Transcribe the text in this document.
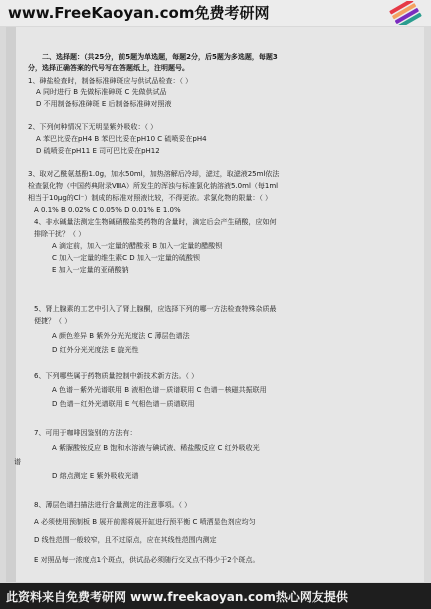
www.FreeKaoyan.com免费考研网
二、选择题：（共25分，前5题为单选题，每题2分，后5题为多选题，每题3
分，选择正确答案的代号写在答题纸上，注明题号。
1、砷盐检查时，制备标准砷斑应与供试品检查：（ ）
A 同时进行 B 先做标准砷斑 C 先做供试品
D 不用制备标准砷斑 E 后制备标准砷对照液
2、下列何种情况下无明显紫外吸收：（ ）
A 苯巴比妥在pH4 B 苯巴比妥在pH10 C 硫喷妥在pH4
D 硫喷妥在pH11 E 司可巴比妥在pH12
3、取对乙酰氨基酚1.0g，加水50ml，加热溶解后冷却，滤过，取滤液25ml依法
检查氯化物（中国药典附录ⅧA）所发生的浑浊与标准氯化钠溶液5.0ml（每1ml
相当于10μg的Cl⁻）制成的标准对照液比较，不得更浓。求氯化物的限量：（ ）
A 0.1% B 0.02% C 0.05% D 0.01% E 1.0%
4、非水碱量法测定生物碱硝酸盐类药物的含量时，滴定后会产生硝酸，应如何
排除干扰？（ ）
A 滴定前，加入一定量的醋酸汞 B 加入一定量的醋酸钡
C 加入一定量的维生素C D 加入一定量的硫酸钡
E 加入一定量的亚硝酸钠
5、肾上腺素的工艺中引入了肾上腺酮，应选择下列的哪一方法检查特殊杂质最
便捷？（ ）
A 颜色差异 B 紫外分光光度法 C 薄层色谱法
D 红外分光光度法 E 旋光性
6、下列哪些属于药物质量控制中新技术新方法。（ ）
A 色谱－紫外光谱联用 B 液相色谱－质谱联用 C 色谱－核磁共振联用
D 色谱－红外光谱联用 E 气相色谱－质谱联用
7、可用于咖啡因鉴别的方法有：
A 紫脲酸铵反应 B 饱和水溶液与碘试液、稀盐酸反应 C 红外吸收光
谱
D 熔点测定 E 紫外吸收光谱
8、薄层色谱扫描法进行含量测定的注意事项。（ ）
A 必须使用预制板 B 展开前需将展开缸进行预平衡 C 喷洒显色剂应均匀
D 线性范围一般较窄，且不过原点，应在其线性范围内测定
E 对照品每一浓度点1个斑点，供试品必须随行交叉点不得少于2个斑点。
此资料来自免费考研网 www.freekaoyan.com热心网友提供
